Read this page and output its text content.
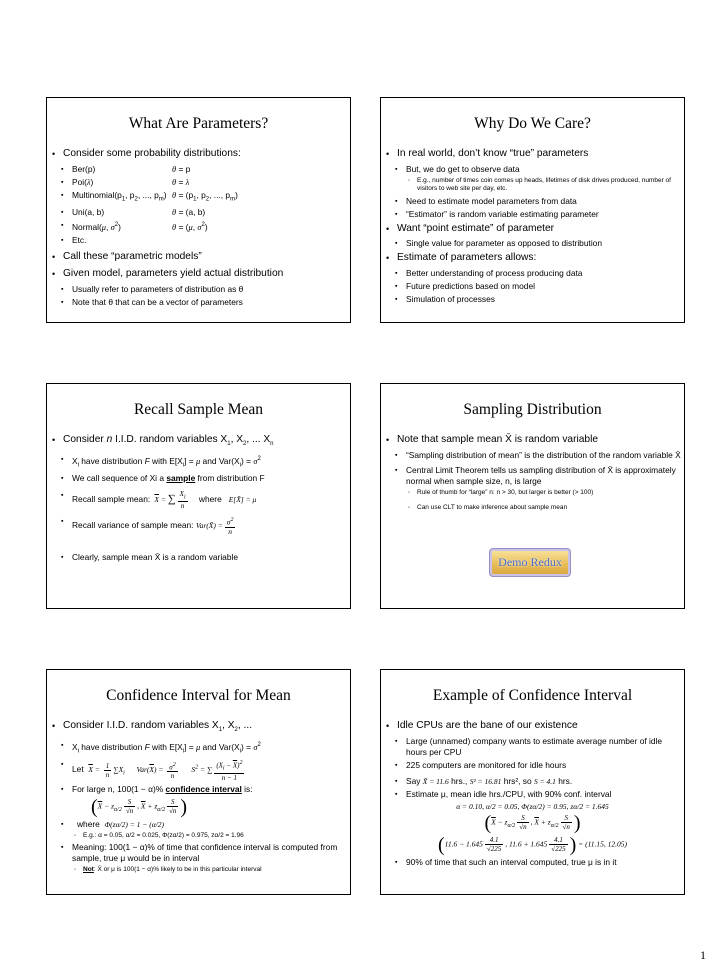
What Are Parameters?
• Consider some probability distributions:
▪ Ber(p)	θ = p
▪ Poi(λ)	θ = λ
▪ $Multinomial(p_1$, $p_2$, ..., $p_m$) $\theta = (p_1$, $p_2$, ..., $p_m$)
▪ Uni(a, b)	θ = (a, b)
▪ Normal(μ, $\sigma^2$)	θ = (μ, $\sigma^2$)
▪ Etc.
• Call these “parametric models”
• Given model, parameters yield actual distribution
▪ Usually refer to parameters of distribution as θ
▪ Note that θ that can be a vector of parameters
Why Do We Care?
• In real world, don’t know “true” parameters
▪ But, we do get to observe data
◦ E.g., number of times coin comes up heads, lifetimes of disk drives produced, number of visitors to web site per day, etc.
▪ Need to estimate model parameters from data
▪ “Estimator” is random variable estimating parameter
• Want “point estimate” of parameter
▪ Single value for parameter as opposed to distribution
• Estimate of parameters allows:
▪ Better understanding of process producing data
▪ Future predictions based on model
▪ Simulation of processes
Recall Sample Mean
• Consider n I.I.D. random variables $X_1$, $X_2$, ... $X_n$
▪ $X_i$ have distribution F with $E[X_i] = \mu$ and $Var(X_i) = \sigma^2$
▪ We call sequence of Xi a sample from distribution F
▪ Recall sample mean: $\overline{X}$ = ∑ $\frac{Xi}{n}$ where E[X̄] = μ
▪ Recall variance of sample mean: Var(X̄) = $\frac{\sigma^2}{n}$
▪ Clearly, sample mean X̄ is a random variable
Sampling Distribution
• Note that sample mean X̄ is random variable
▪ “Sampling distribution of mean” is the distribution of the random variable X̄
▪ Central Limit Theorem tells us sampling distribution of X̄ is approximately normal when sample size, n, is large
◦ Rule of thumb for “large” n: n > 30, but larger is better (> 100)
◦ Can use CLT to make inference about sample mean
Demo Redux
Confidence Interval for Mean
• Consider I.I.D. random variables $X_1$, $X_2$, ...
▪ $X_i$ have distribution F with $E[X_i] = \mu$ and $Var(X_i) = \sigma^2$
▪ Let $\overline{X} = \frac{1}{n} \sum X_i$ $Var(\overline{X}) = \frac{\sigma 2}{n} S^2$ = ∑ $\frac{(Xi - \overline{X})2}{n - 1}$
▪ For large n, 100(1 − α)% confidence interval is:
($\overline{X} - z_{\alpha/2} \frac{S}{√n}$ , $\overline{X} + z_{\alpha/2} \frac{S}{√n}$ )
▪ where Φ(zα/2) = 1 − (α/2)
◦ E.g.: α = 0.05, α/2 = 0.025, Φ(zα/2) = 0.975, zα/2 = 1.96
▪ Meaning: 100(1 − α)% of time that confidence interval is computed from sample, true μ would be in interval
◦ Not: X̄ or μ is 100(1 − α)% likely to be in this particular interval
Example of Confidence Interval
• Idle CPUs are the bane of our existence
▪ Large (unnamed) company wants to estimate average number of idle hours per CPU
▪ 225 computers are monitored for idle hours
▪ Say X̄ = 11.6 hrs., S² = 16.81 hrs², so S = 4.1 hrs.
▪ Estimate μ, mean idle hrs./CPU, with 90% conf. interval
α = 0.10, α/2 = 0.05, Φ(zα/2) = 0.95, zα/2 = 1.645
($\overline{X} - z_{\alpha/2} \frac{S}{√n}$ , $\overline{X} + z_{\alpha/2} \frac{S}{√n}$ )
($11.6 - 1.645 \frac{4.1}{√225}$ , $11.6 + 1.645 \frac{4.1}{√225}$ ) = (11.15, 12.05)
▪ 90% of time that such an interval computed, true μ is in it
1
